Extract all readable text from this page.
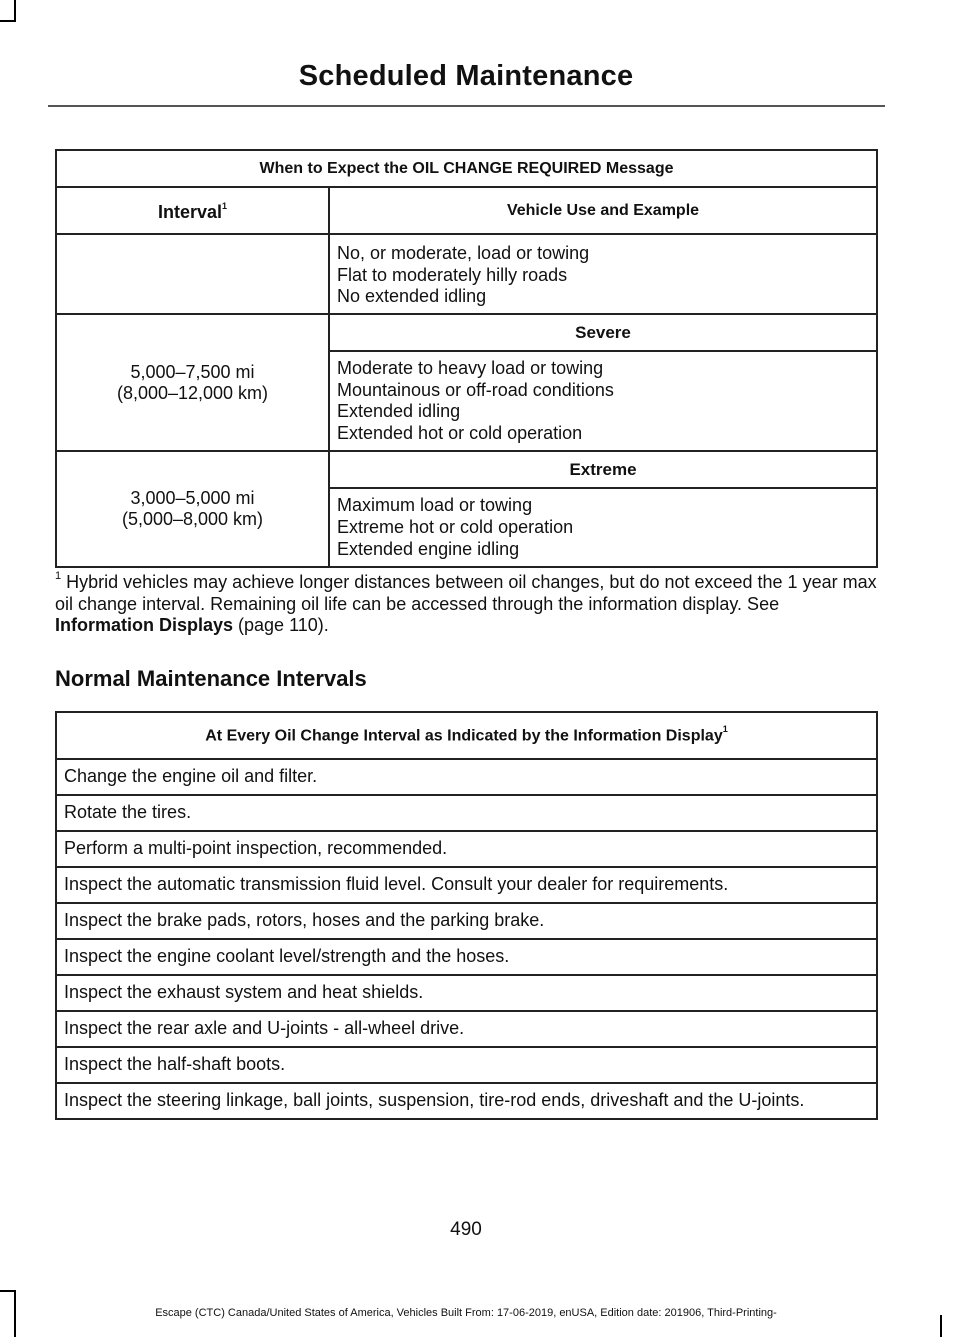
Scheduled Maintenance
When to Expect the OIL CHANGE REQUIRED Message	
Interval$^1$	Vehicle Use and Example

	No, or moderate, load or towing
Flat to moderately hilly roads
No extended idling

5,000–7,500 mi
(8,000–12,000 km)	Severe

	Moderate to heavy load or towing
Mountainous or off-road conditions
Extended idling
Extended hot or cold operation

3,000–5,000 mi
(5,000–8,000 km)	Extreme

	Maximum load or towing
Extreme hot or cold operation
Extended engine idling
$^1$ Hybrid vehicles may achieve longer distances between oil changes, but do not exceed the 1 year max oil change interval. Remaining oil life can be accessed through the information display. See Information Displays (page 110).
Normal Maintenance Intervals
At Every Oil Change Interval as Indicated by the Information Display$^1$
Change the engine oil and filter.
Rotate the tires.
Perform a multi-point inspection, recommended.
Inspect the automatic transmission fluid level. Consult your dealer for requirements.
Inspect the brake pads, rotors, hoses and the parking brake.
Inspect the engine coolant level/strength and the hoses.
Inspect the exhaust system and heat shields.
Inspect the rear axle and U-joints - all-wheel drive.
Inspect the half-shaft boots.
Inspect the steering linkage, ball joints, suspension, tire-rod ends, driveshaft and the U-joints.
490
Escape (CTC) Canada/United States of America, Vehicles Built From: 17-06-2019, enUSA, Edition date: 201906, Third-Printing-
